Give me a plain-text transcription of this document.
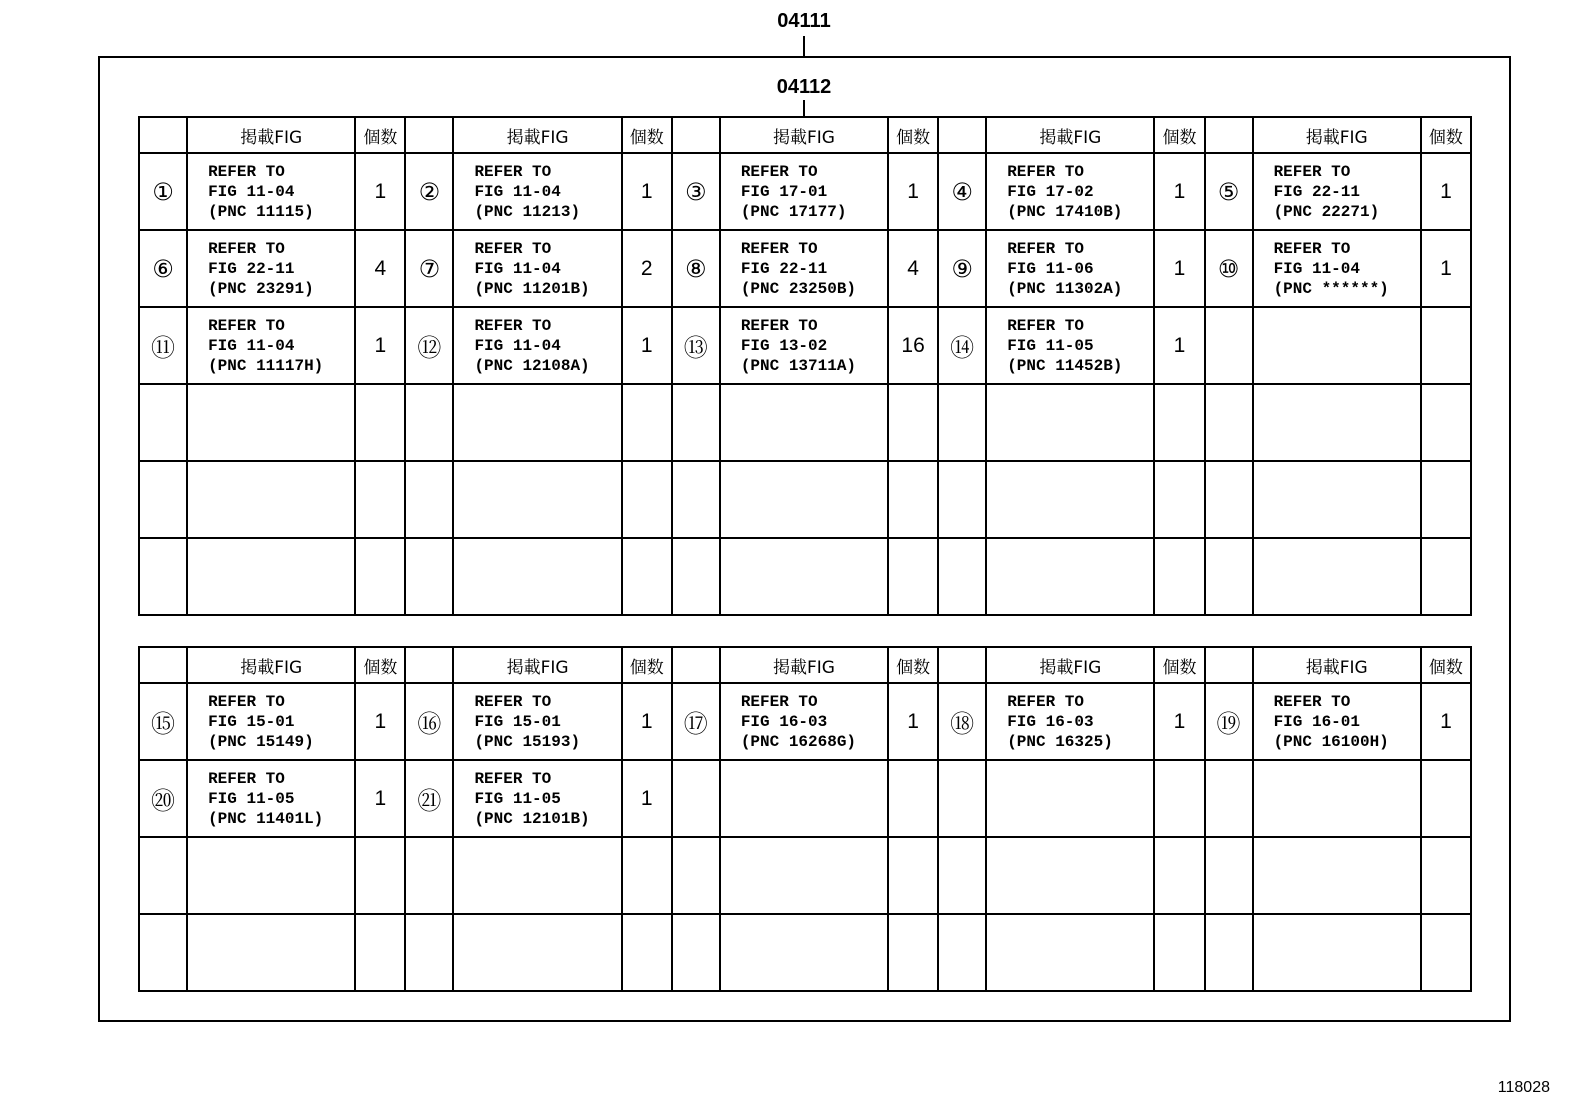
04111
04112
	掲載FIG	個数		掲載FIG	個数		掲載FIG	個数		掲載FIG	個数		掲載FIG	個数
①	REFER TO
FIG 11-04
(PNC 11115)	1	②	REFER TO
FIG 11-04
(PNC 11213)	1	③	REFER TO
FIG 17-01
(PNC 17177)	1	④	REFER TO
FIG 17-02
(PNC 17410B)	1	⑤	REFER TO
FIG 22-11
(PNC 22271)	1
⑥	REFER TO
FIG 22-11
(PNC 23291)	4	⑦	REFER TO
FIG 11-04
(PNC 11201B)	2	⑧	REFER TO
FIG 22-11
(PNC 23250B)	4	⑨	REFER TO
FIG 11-06
(PNC 11302A)	1	⑩	REFER TO
FIG 11-04
(PNC ******)	1
⑪	REFER TO
FIG 11-04
(PNC 11117H)	1	⑫	REFER TO
FIG 11-04
(PNC 12108A)	1	⑬	REFER TO
FIG 13-02
(PNC 13711A)	16	⑭	REFER TO
FIG 11-05
(PNC 11452B)	1		

	掲載FIG	個数		掲載FIG	個数		掲載FIG	個数		掲載FIG	個数		掲載FIG	個数
⑮	REFER TO
FIG 15-01
(PNC 15149)	1	⑯	REFER TO
FIG 15-01
(PNC 15193)	1	⑰	REFER TO
FIG 16-03
(PNC 16268G)	1	⑱	REFER TO
FIG 16-03
(PNC 16325)	1	⑲	REFER TO
FIG 16-01
(PNC 16100H)	1
⑳	REFER TO
FIG 11-05
(PNC 11401L)	1	㉑	REFER TO
FIG 11-05
(PNC 12101B)	1		

118028
